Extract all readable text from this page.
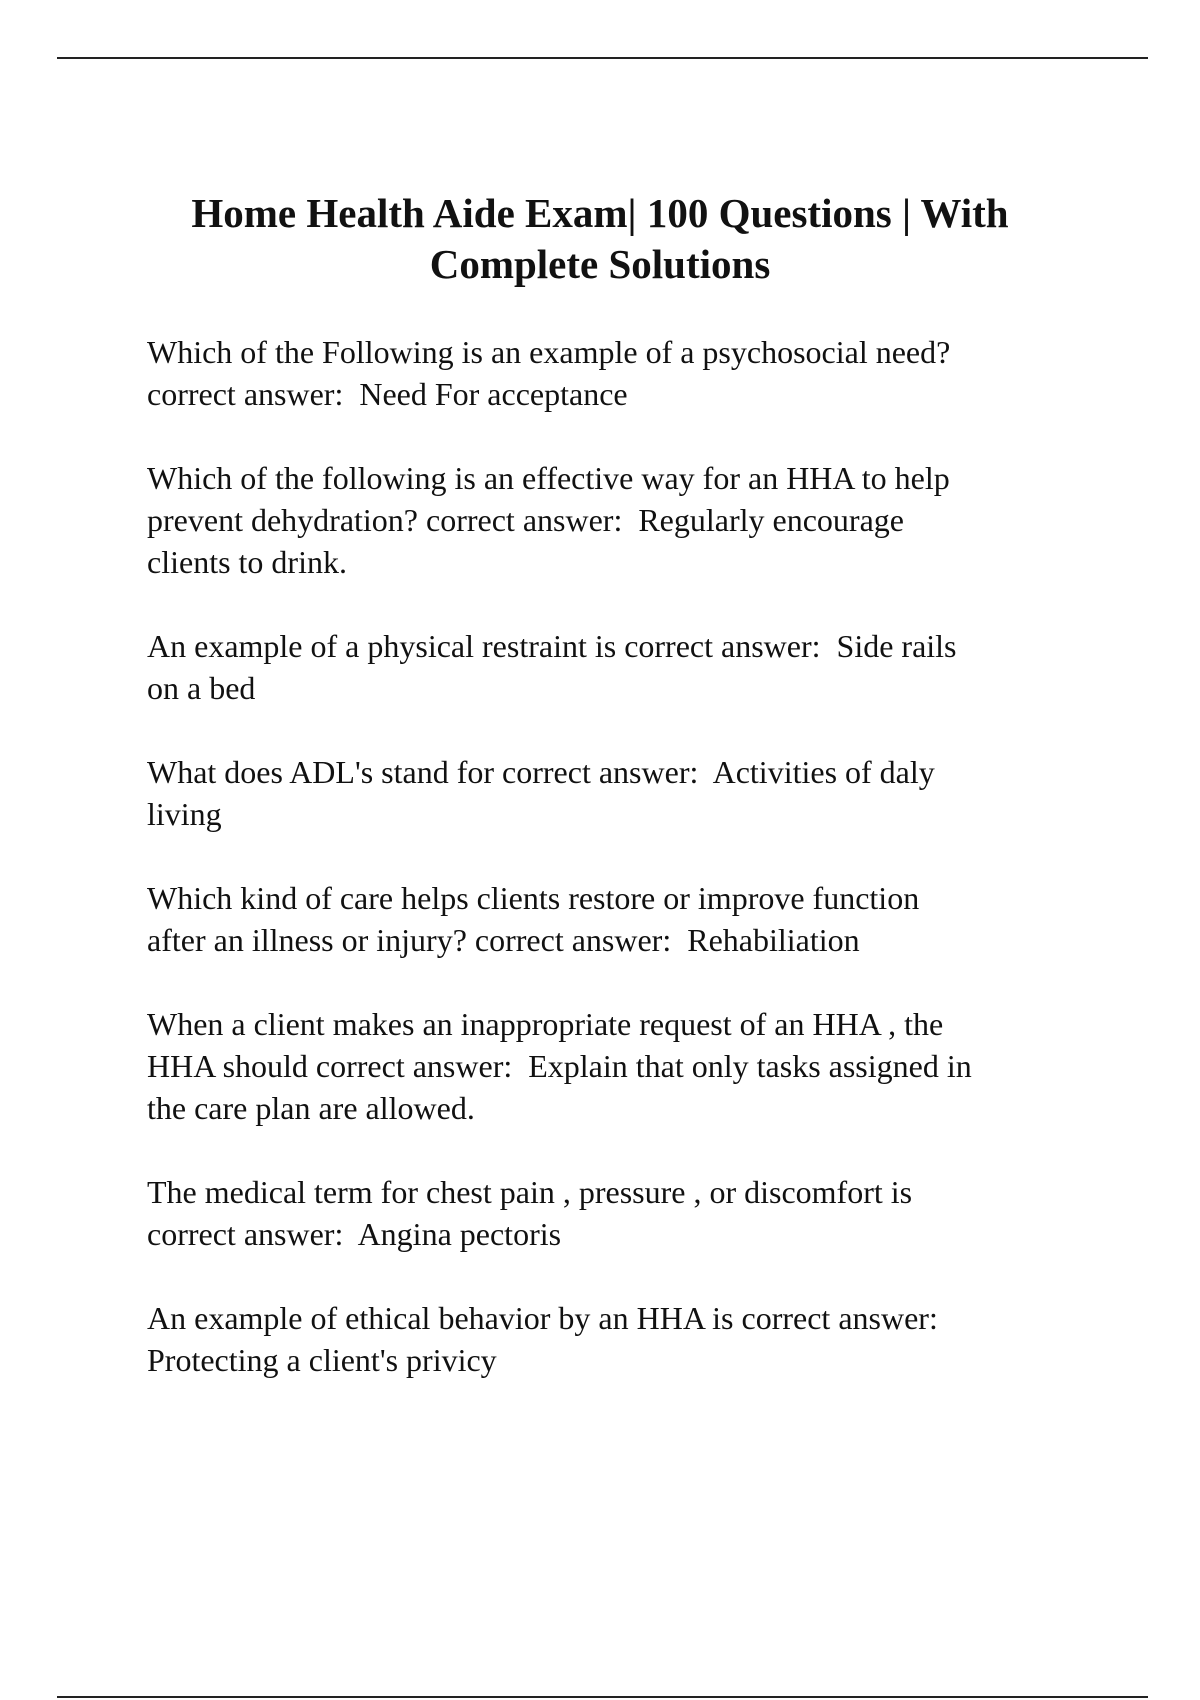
Home Health Aide Exam| 100 Questions | With
Complete Solutions

Which of the Following is an example of a psychosocial need?
correct answer:  Need For acceptance

Which of the following is an effective way for an HHA to help
prevent dehydration? correct answer:  Regularly encourage
clients to drink.

An example of a physical restraint is correct answer:  Side rails
on a bed

What does ADL's stand for correct answer:  Activities of daly
living

Which kind of care helps clients restore or improve function
after an illness or injury? correct answer:  Rehabiliation

When a client makes an inappropriate request of an HHA , the
HHA should correct answer:  Explain that only tasks assigned in
the care plan are allowed.

The medical term for chest pain , pressure , or discomfort is
correct answer:  Angina pectoris

An example of ethical behavior by an HHA is correct answer:
Protecting a client's privicy
